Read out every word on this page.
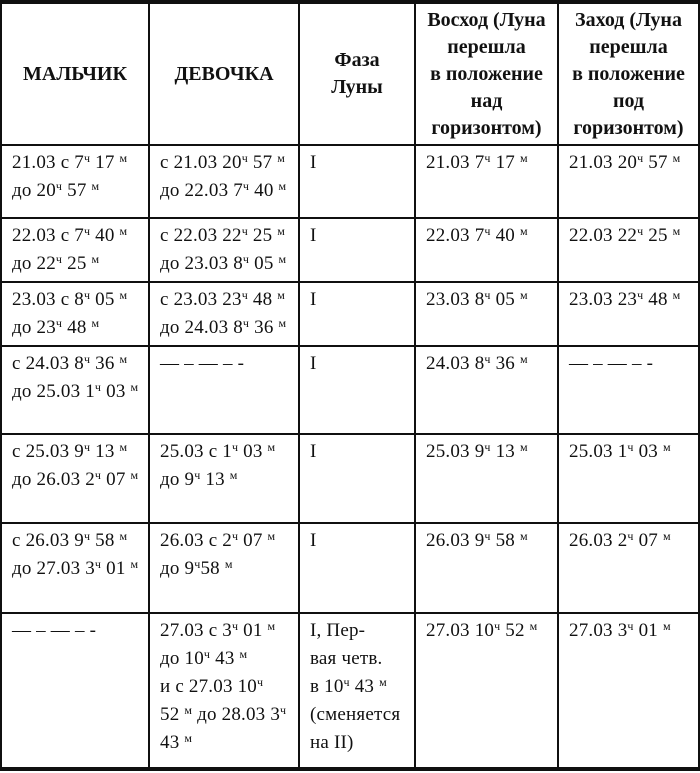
МАЛЬЧИК	ДЕВОЧКА	Фаза
Луны	Восход (Луна
перешла
в положение
над
горизонтом)	Заход (Луна
перешла
в положение
под
горизонтом)
21.03 с $7^ч$ 17 $^м$
до $20^ч$ 57 $^м$	с 21.03 $20^ч$ 57 $^м$
до 22.03 $7^ч$ 40 $^м$	I	21.03 $7^ч$ 17 $^м$	21.03 $20^ч$ 57 $^м$
22.03 с $7^ч$ 40 $^м$
до $22^ч$ 25 $^м$	с 22.03 $22^ч$ 25 $^м$
до 23.03 $8^ч$ 05 $^м$	I	22.03 $7^ч$ 40 $^м$	22.03 $22^ч$ 25 $^м$
23.03 с $8^ч$ 05 $^м$
до $23^ч$ 48 $^м$	с 23.03 $23^ч$ 48 $^м$
до 24.03 $8^ч$ 36 $^м$	I	23.03 $8^ч$ 05 $^м$	23.03 $23^ч$ 48 $^м$
с 24.03 $8^ч$ 36 $^м$
до 25.03 $1^ч$ 03 $^м$	— – — – -	I	24.03 $8^ч$ 36 $^м$	— – — – -
с 25.03 $9^ч$ 13 $^м$
до 26.03 $2^ч$ 07 $^м$	25.03 с $1^ч$ 03 $^м$
до $9^ч$ 13 $^м$	I	25.03 $9^ч$ 13 $^м$	25.03 $1^ч$ 03 $^м$
с 26.03 $9^ч$ 58 $^м$
до 27.03 $3^ч$ 01 $^м$	26.03 с $2^ч$ 07 $^м$
до $9^ч58$ $^м$	I	26.03 $9^ч$ 58 $^м$	26.03 $2^ч$ 07 $^м$
— – — – -	27.03 с $3^ч$ 01 $^м$
до $10^ч$ 43 $^м$
и с 27.03 $10^ч$
52 $^м$ до 28.03 $3^ч$
43 $^м$	I, Пер-
вая четв.
в $10^ч$ 43 $^м$
(сменяется
на II)	27.03 $10^ч$ 52 $^м$	27.03 $3^ч$ 01 $^м$
